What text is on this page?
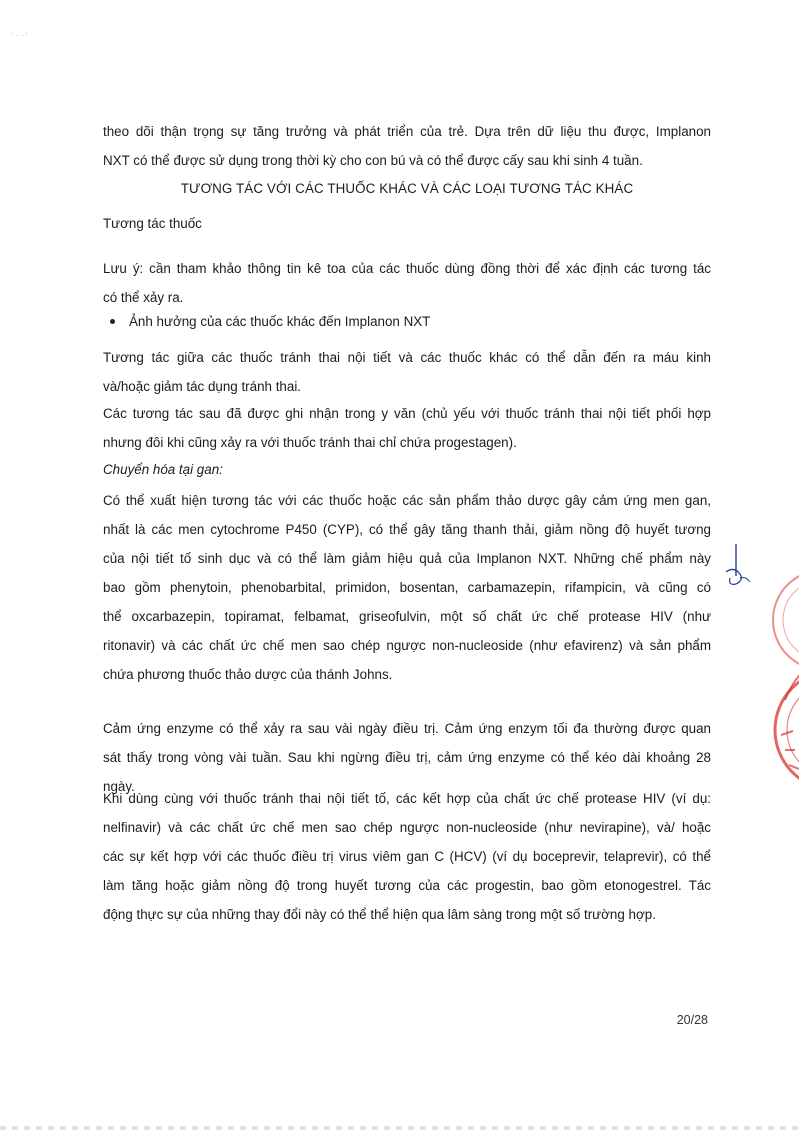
· . .·
theo dõi thận trọng sự tăng trưởng và phát triển của trẻ. Dựa trên dữ liệu thu được, Implanon
NXT có thể được sử dụng trong thời kỳ cho con bú và có thể được cấy sau khi sinh 4 tuần.
TƯƠNG TÁC VỚI CÁC THUỐC KHÁC VÀ CÁC LOẠI TƯƠNG TÁC KHÁC
Tương tác thuốc
Lưu ý: cần tham khảo thông tin kê toa của các thuốc dùng đồng thời để xác định các tương tác
có thể xảy ra.
Ảnh hưởng của các thuốc khác đến Implanon NXT
Tương tác giữa các thuốc tránh thai nội tiết và các thuốc khác có thể dẫn đến ra máu kinh
và/hoặc giảm tác dụng tránh thai.
Các tương tác sau đã được ghi nhận trong y văn (chủ yếu với thuốc tránh thai nội tiết phối hợp
nhưng đôi khi cũng xảy ra với thuốc tránh thai chỉ chứa progestagen).
Chuyển hóa tại gan:
Có thể xuất hiện tương tác với các thuốc hoặc các sản phẩm thảo dược gây cảm ứng men gan,
nhất là các men cytochrome P450 (CYP), có thể gây tăng thanh thải, giảm nồng độ huyết tương
của nội tiết tố sinh dục và có thể làm giảm hiệu quả của Implanon NXT. Những chế phẩm này
bao gồm phenytoin, phenobarbital, primidon, bosentan, carbamazepin, rifampicin, và cũng có
thể oxcarbazepin, topiramat, felbamat, griseofulvin, một số chất ức chế protease HIV (như
ritonavir) và các chất ức chế men sao chép ngược non-nucleoside (như efavirenz) và sản phẩm
chứa phương thuốc thảo dược của thánh Johns.
Cảm ứng enzyme có thể xảy ra sau vài ngày điều trị. Cảm ứng enzym tối đa thường được quan
sát thấy trong vòng vài tuần. Sau khi ngừng điều trị, cảm ứng enzyme có thể kéo dài khoảng 28
ngày.
Khi dùng cùng với thuốc tránh thai nội tiết tố, các kết hợp của chất ức chế protease HIV (ví dụ:
nelfinavir) và các chất ức chế men sao chép ngược non-nucleoside (như nevirapine), và/ hoặc
các sự kết hợp với các thuốc điều trị virus viêm gan C (HCV) (ví dụ boceprevir, telaprevir), có thể
làm tăng hoặc giảm nồng độ trong huyết tương của các progestin, bao gồm etonogestrel. Tác
động thực sự của những thay đổi này có thể thể hiện qua lâm sàng trong một số trường hợp.
20/28
